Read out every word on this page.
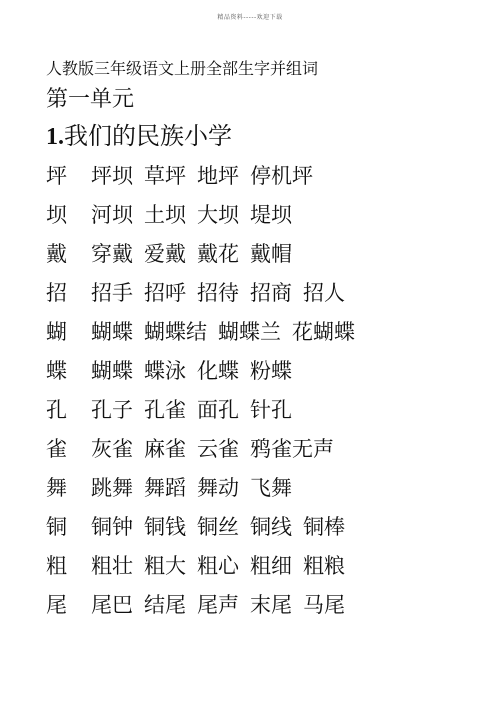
精品资料-----欢迎下载
人教版三年级语文上册全部生字并组词
第一单元
1.我们的民族小学
坪	坪坝 草坪 地坪 停机坪
坝	河坝 土坝 大坝 堤坝
戴	穿戴 爱戴 戴花 戴帽
招	招手 招呼 招待 招商 招人
蝴	蝴蝶 蝴蝶结 蝴蝶兰 花蝴蝶
蝶	蝴蝶 蝶泳 化蝶 粉蝶
孔	孔子 孔雀 面孔 针孔
雀	灰雀 麻雀 云雀 鸦雀无声
舞	跳舞 舞蹈 舞动 飞舞
铜	铜钟 铜钱 铜丝 铜线 铜棒
粗	粗壮 粗大 粗心 粗细 粗粮
尾	尾巴 结尾 尾声 末尾 马尾
